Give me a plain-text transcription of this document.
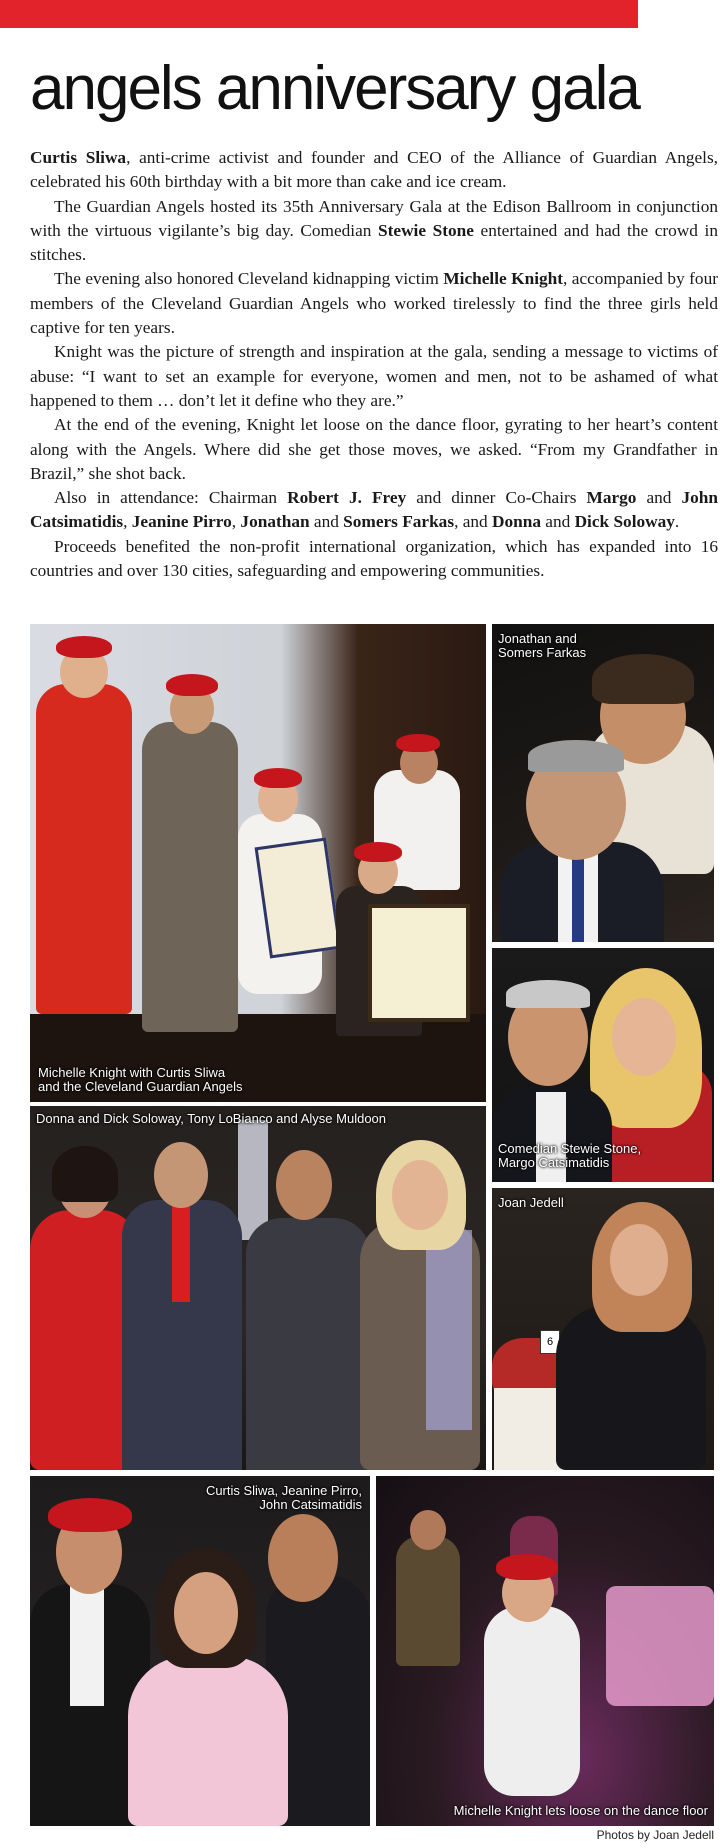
angels anniversary gala

Curtis Sliwa, anti-crime activist and founder and CEO of the Alliance of Guardian Angels, celebrated his 60th birthday with a bit more than cake and ice cream.

The Guardian Angels hosted its 35th Anniversary Gala at the Edison Ballroom in conjunction with the virtuous vigilante’s big day. Comedian Stewie Stone entertained and had the crowd in stitches.

The evening also honored Cleveland kidnapping victim Michelle Knight, accompanied by four members of the Cleveland Guardian Angels who worked tirelessly to find the three girls held captive for ten years.

Knight was the picture of strength and inspiration at the gala, sending a message to victims of abuse: “I want to set an example for everyone, women and men, not to be ashamed of what happened to them … don’t let it define who they are.”

At the end of the evening, Knight let loose on the dance floor, gyrating to her heart’s content along with the Angels. Where did she get those moves, we asked. “From my Grandfather in Brazil,” she shot back.

Also in attendance: Chairman Robert J. Frey and dinner Co-Chairs Margo and John Catsimatidis, Jeanine Pirro, Jonathan and Somers Farkas, and Donna and Dick Soloway.

Proceeds benefited the non-profit international organization, which has expanded into 16 countries and over 130 cities, safeguarding and empowering communities.

Michelle Knight with Curtis Sliwa
and the Cleveland Guardian Angels
Jonathan and
Somers Farkas
Comedian Stewie Stone,
Margo Catsimatidis
Donna and Dick Soloway, Tony LoBianco and Alyse Muldoon
6
Joan Jedell
Curtis Sliwa, Jeanine Pirro,
John Catsimatidis
Michelle Knight lets loose on the dance floor
Photos by Joan Jedell
